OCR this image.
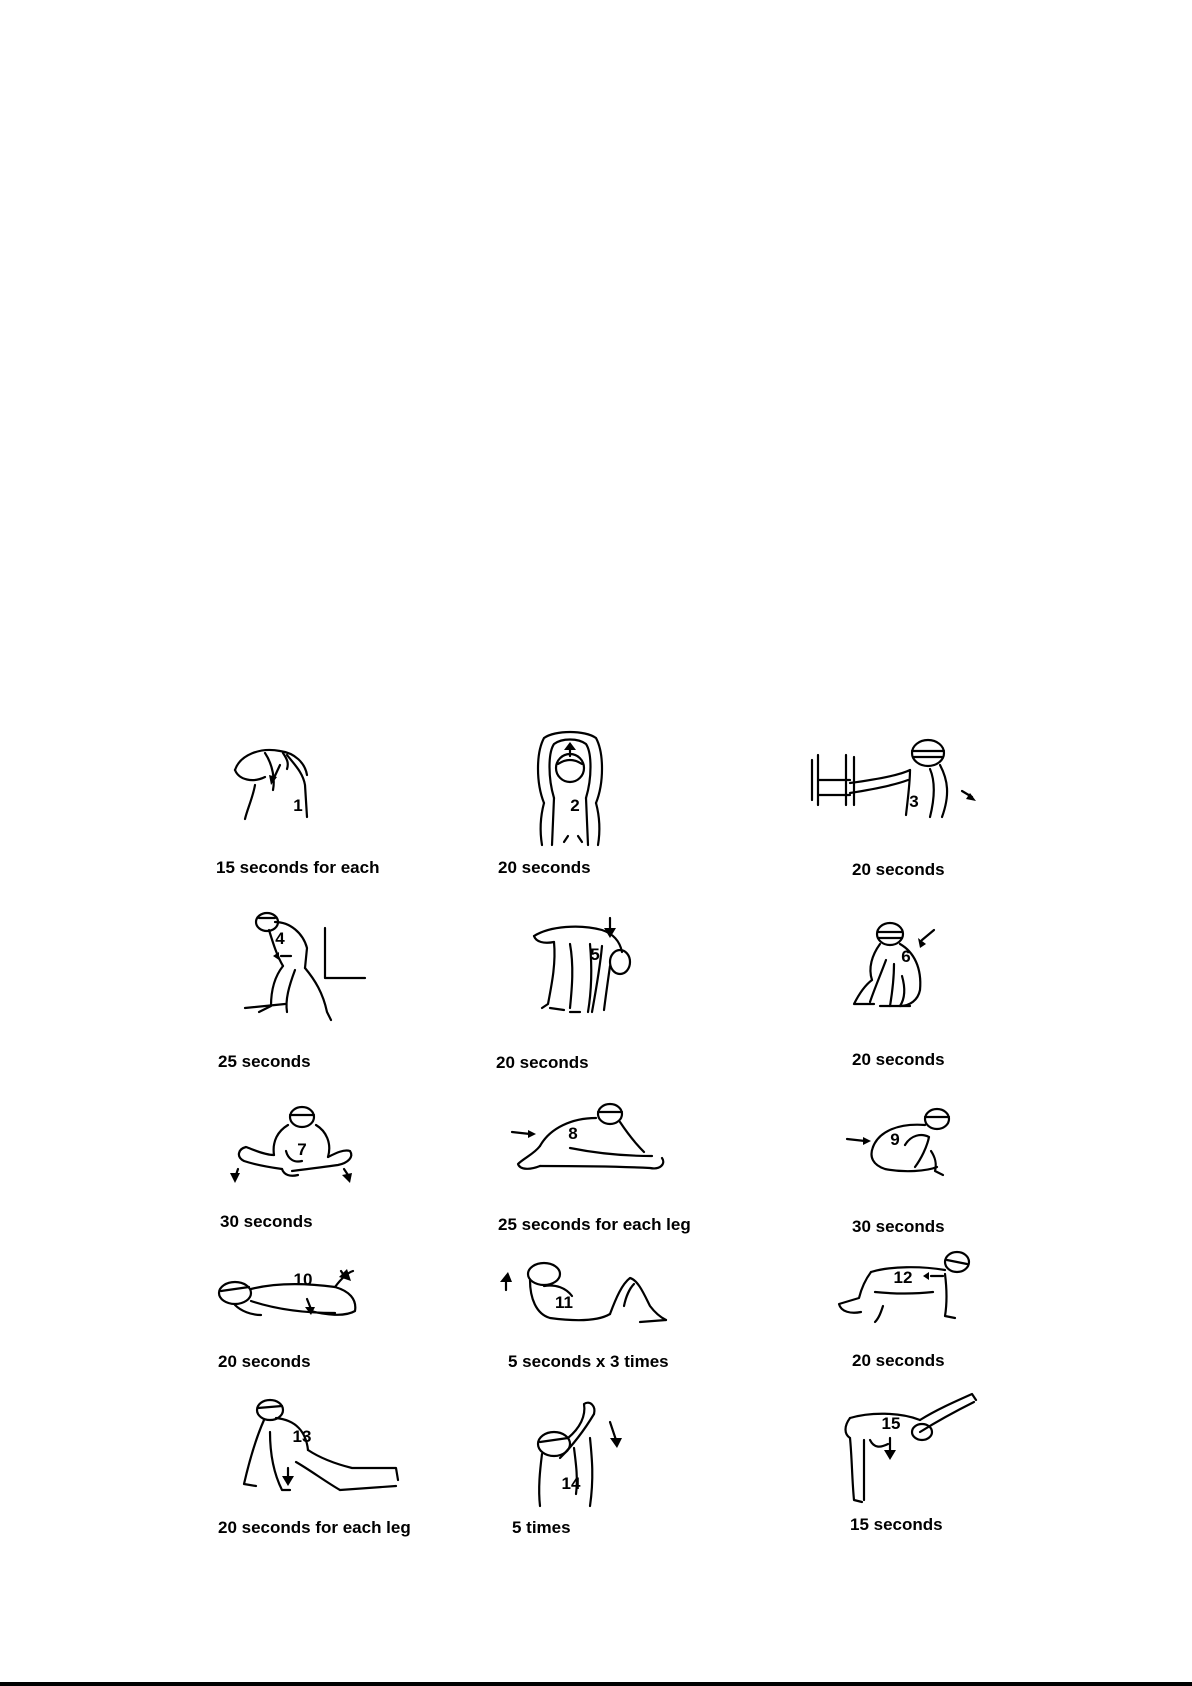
1
15 seconds for each
2
20 seconds
3
20 seconds
4
25 seconds
5
20 seconds
6
20 seconds
7
30 seconds
8
25 seconds for each leg
9
30 seconds
10
20 seconds
11
5 seconds x 3 times
12
20 seconds
13
20 seconds for each leg
14
5 times
15
15 seconds
